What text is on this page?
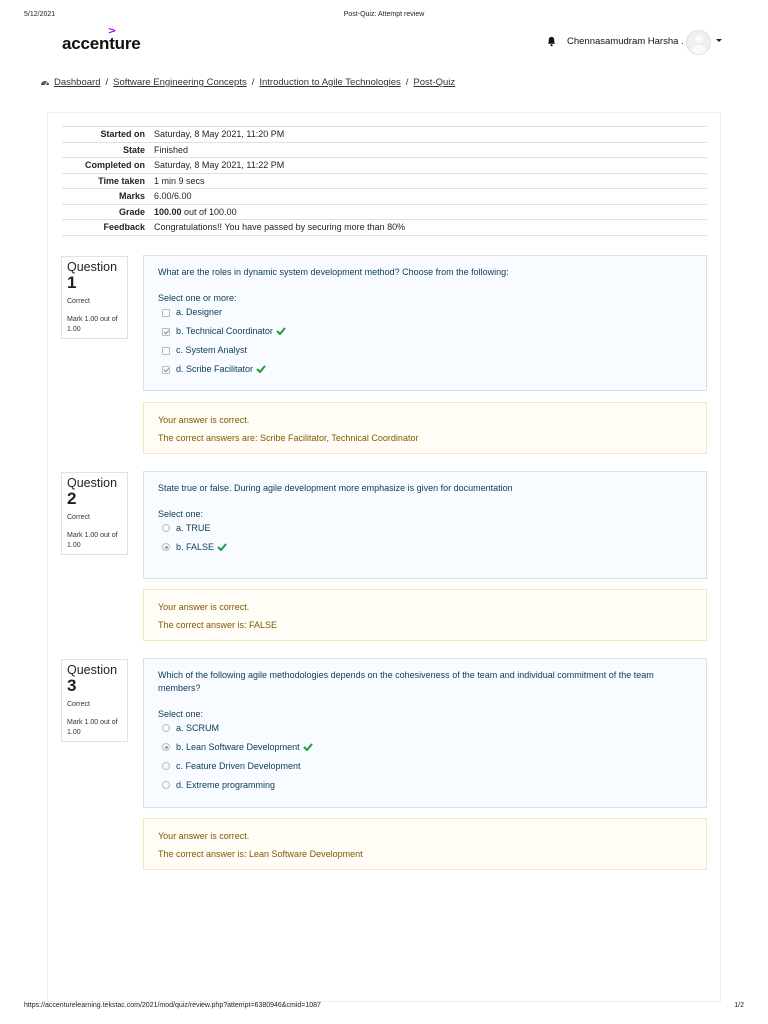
5/12/2021	Post-Quiz: Attempt review
>
accenture	Chennasamudram Harsha .
Dashboard / Software Engineering Concepts / Introduction to Agile Technologies / Post-Quiz
Started on	Saturday, 8 May 2021, 11:20 PM
State	Finished
Completed on	Saturday, 8 May 2021, 11:22 PM
Time taken	1 min 9 secs
Marks	6.00/6.00
Grade	100.00 out of 100.00
Feedback	Congratulations!! You have passed by securing more than 80%
Question
1
Correct
Mark 1.00 out of 1.00
What are the roles in dynamic system development method? Choose from the following:
Select one or more:
a. Designer
b. Technical Coordinator
c. System Analyst
d. Scribe Facilitator
Your answer is correct.
The correct answers are: Scribe Facilitator, Technical Coordinator
Question
2
Correct
Mark 1.00 out of 1.00
State true or false. During agile development more emphasize is given for documentation
Select one:
a. TRUE
b. FALSE
Your answer is correct.
The correct answer is: FALSE
Question
3
Correct
Mark 1.00 out of 1.00
Which of the following agile methodologies depends on the cohesiveness of the team and individual commitment of the team members?
Select one:
a. SCRUM
b. Lean Software Development
c. Feature Driven Development
d. Extreme programming
Your answer is correct.
The correct answer is: Lean Software Development
https://accenturelearning.tekstac.com/2021/mod/quiz/review.php?attempt=6380946&cmid=1087	1/2
